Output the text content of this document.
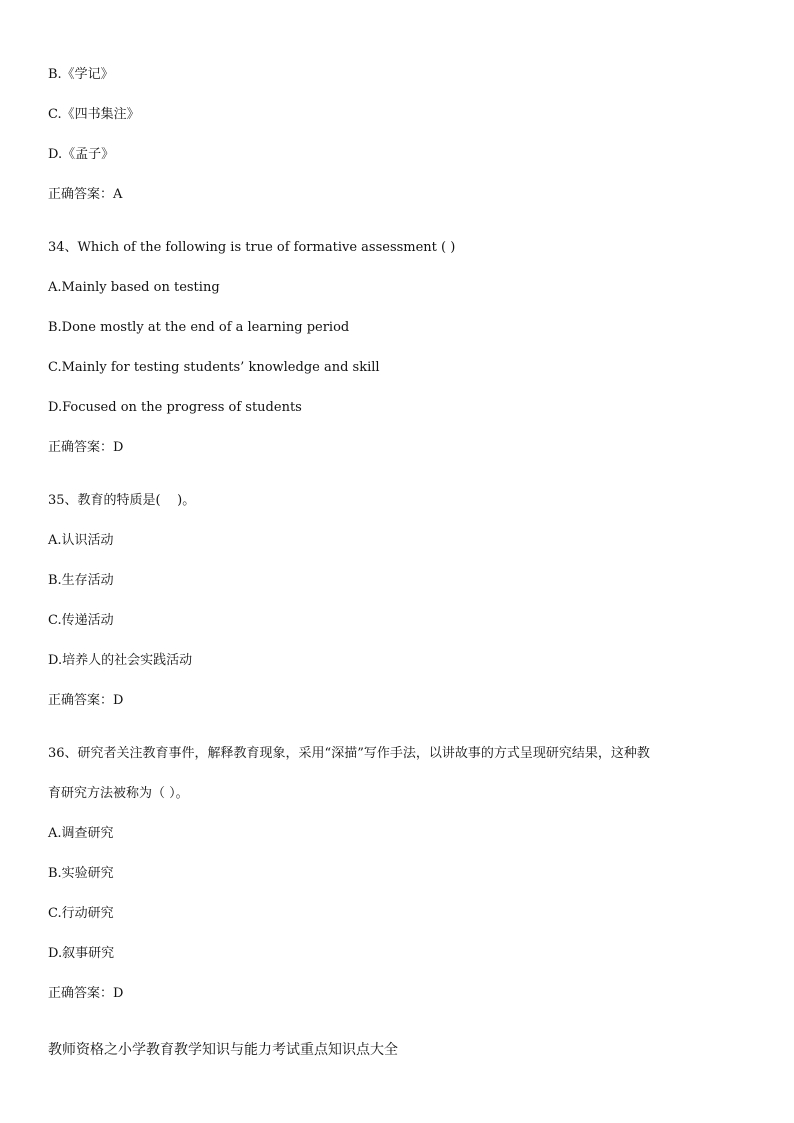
B.《学记》

C.《四书集注》

D.《孟子》

正确答案：A

34、Which of the following is true of formative assessment ( )

A.Mainly based on testing

B.Done mostly at the end of a learning period

C.Mainly for testing students’ knowledge and skill

D.Focused on the progress of students

正确答案：D

35、教育的特质是(    )。

A.认识活动

B.生存活动

C.传递活动

D.培养人的社会实践活动

正确答案：D

36、研究者关注教育事件，解释教育现象，采用“深描”写作手法，以讲故事的方式呈现研究结果，这种教

育研究方法被称为（ ）。

A.调查研究

B.实验研究

C.行动研究

D.叙事研究

正确答案：D

教师资格之小学教育教学知识与能力考试重点知识点大全
